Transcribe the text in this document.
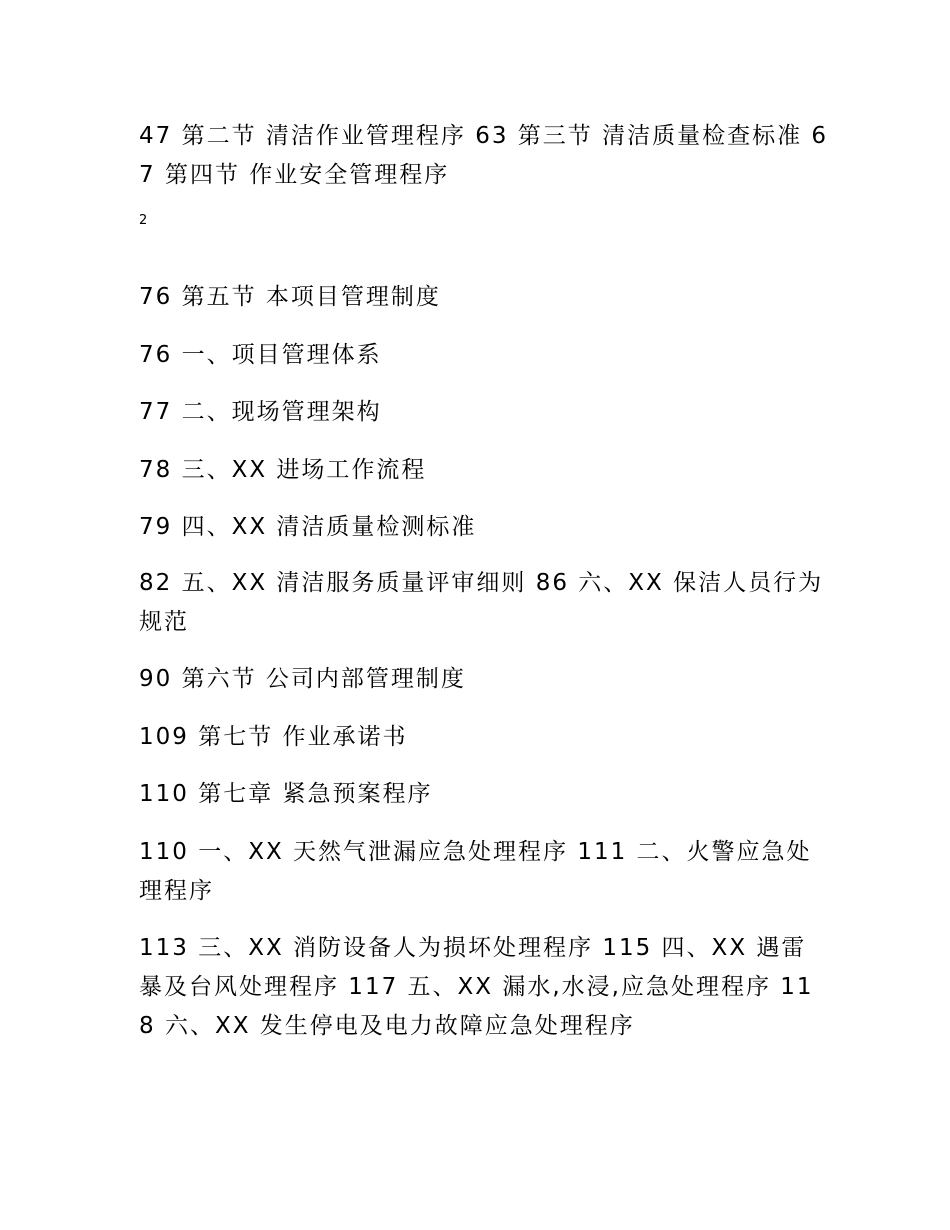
47 第二节 清洁作业管理程序 63 第三节 清洁质量检查标准 67 第四节 作业安全管理程序
2
76 第五节 本项目管理制度
76 一、项目管理体系
77 二、现场管理架构
78 三、XX 进场工作流程
79 四、XX 清洁质量检测标准
82 五、XX 清洁服务质量评审细则 86 六、XX 保洁人员行为规范
90 第六节 公司内部管理制度
109 第七节 作业承诺书
110 第七章 紧急预案程序
110 一、XX 天然气泄漏应急处理程序 111 二、火警应急处理程序
113 三、XX 消防设备人为损坏处理程序 115 四、XX 遇雷暴及台风处理程序 117 五、XX 漏水,水浸,应急处理程序 118 六、XX 发生停电及电力故障应急处理程序
